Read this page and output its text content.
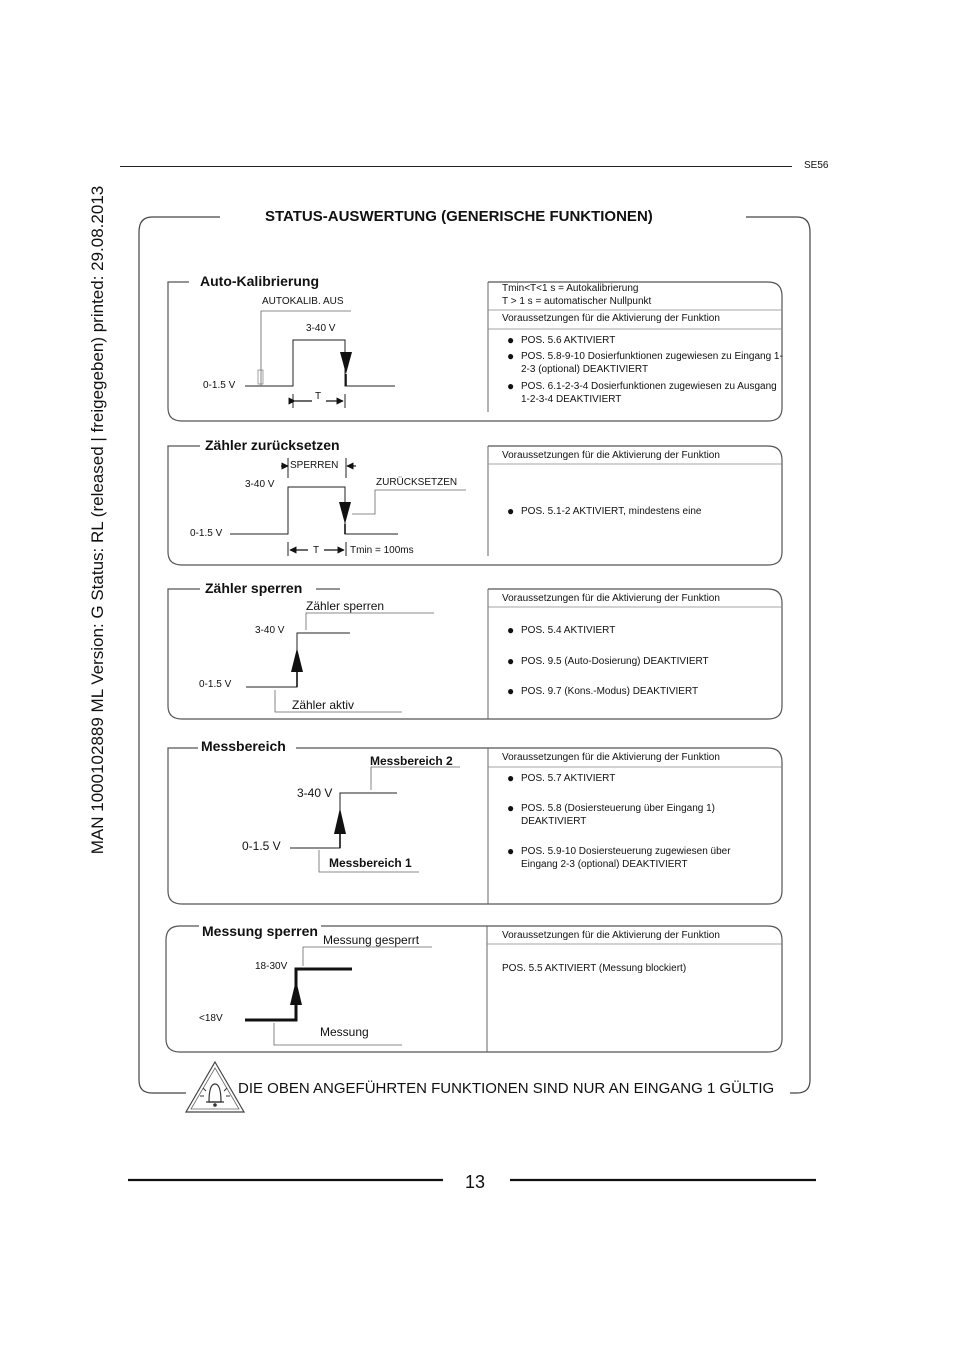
MAN 1000102889 ML Version: G Status: RL (released | freigegeben) printed: 29.08.2013
SE56
STATUS-AUSWERTUNG (GENERISCHE FUNKTIONEN)
Auto-Kalibrierung
AUTOKALIB. AUS
3-40 V
0-1.5 V
T
Tmin<T<1 s = Autokalibrierung
T > 1 s = automatischer Nullpunkt
Voraussetzungen für die Aktivierung der Funktion
● POS. 5.6 AKTIVIERT
● POS. 5.8-9-10 Dosierfunktionen zugewiesen zu Eingang 1-2-3 (optional) DEAKTIVIERT
● POS. 6.1-2-3-4 Dosierfunktionen zugewiesen zu Ausgang 1-2-3-4 DEAKTIVIERT
Zähler zurücksetzen
SPERREN
ZURÜCKSETZEN
3-40 V
0-1.5 V
T	Tmin = 100ms
Voraussetzungen für die Aktivierung der Funktion
● POS. 5.1-2 AKTIVIERT, mindestens eine
Zähler sperren
Zähler sperren
Zähler aktiv
3-40 V
0-1.5 V
Voraussetzungen für die Aktivierung der Funktion
● POS. 5.4 AKTIVIERT
● POS. 9.5 (Auto-Dosierung) DEAKTIVIERT
● POS. 9.7 (Kons.-Modus) DEAKTIVIERT
Messbereich
Messbereich 2
Messbereich 1
3-40 V
0-1.5 V
Voraussetzungen für die Aktivierung der Funktion
● POS. 5.7 AKTIVIERT
● POS. 5.8 (Dosiersteuerung über Eingang 1) DEAKTIVIERT
● POS. 5.9-10 Dosiersteuerung zugewiesen über Eingang 2-3 (optional) DEAKTIVIERT
Messung sperren
Messung gesperrt
Messung
18-30V
<18V
Voraussetzungen für die Aktivierung der Funktion
POS. 5.5 AKTIVIERT (Messung blockiert)
DIE OBEN ANGEFÜHRTEN FUNKTIONEN SIND NUR AN EINGANG 1 GÜLTIG
13
